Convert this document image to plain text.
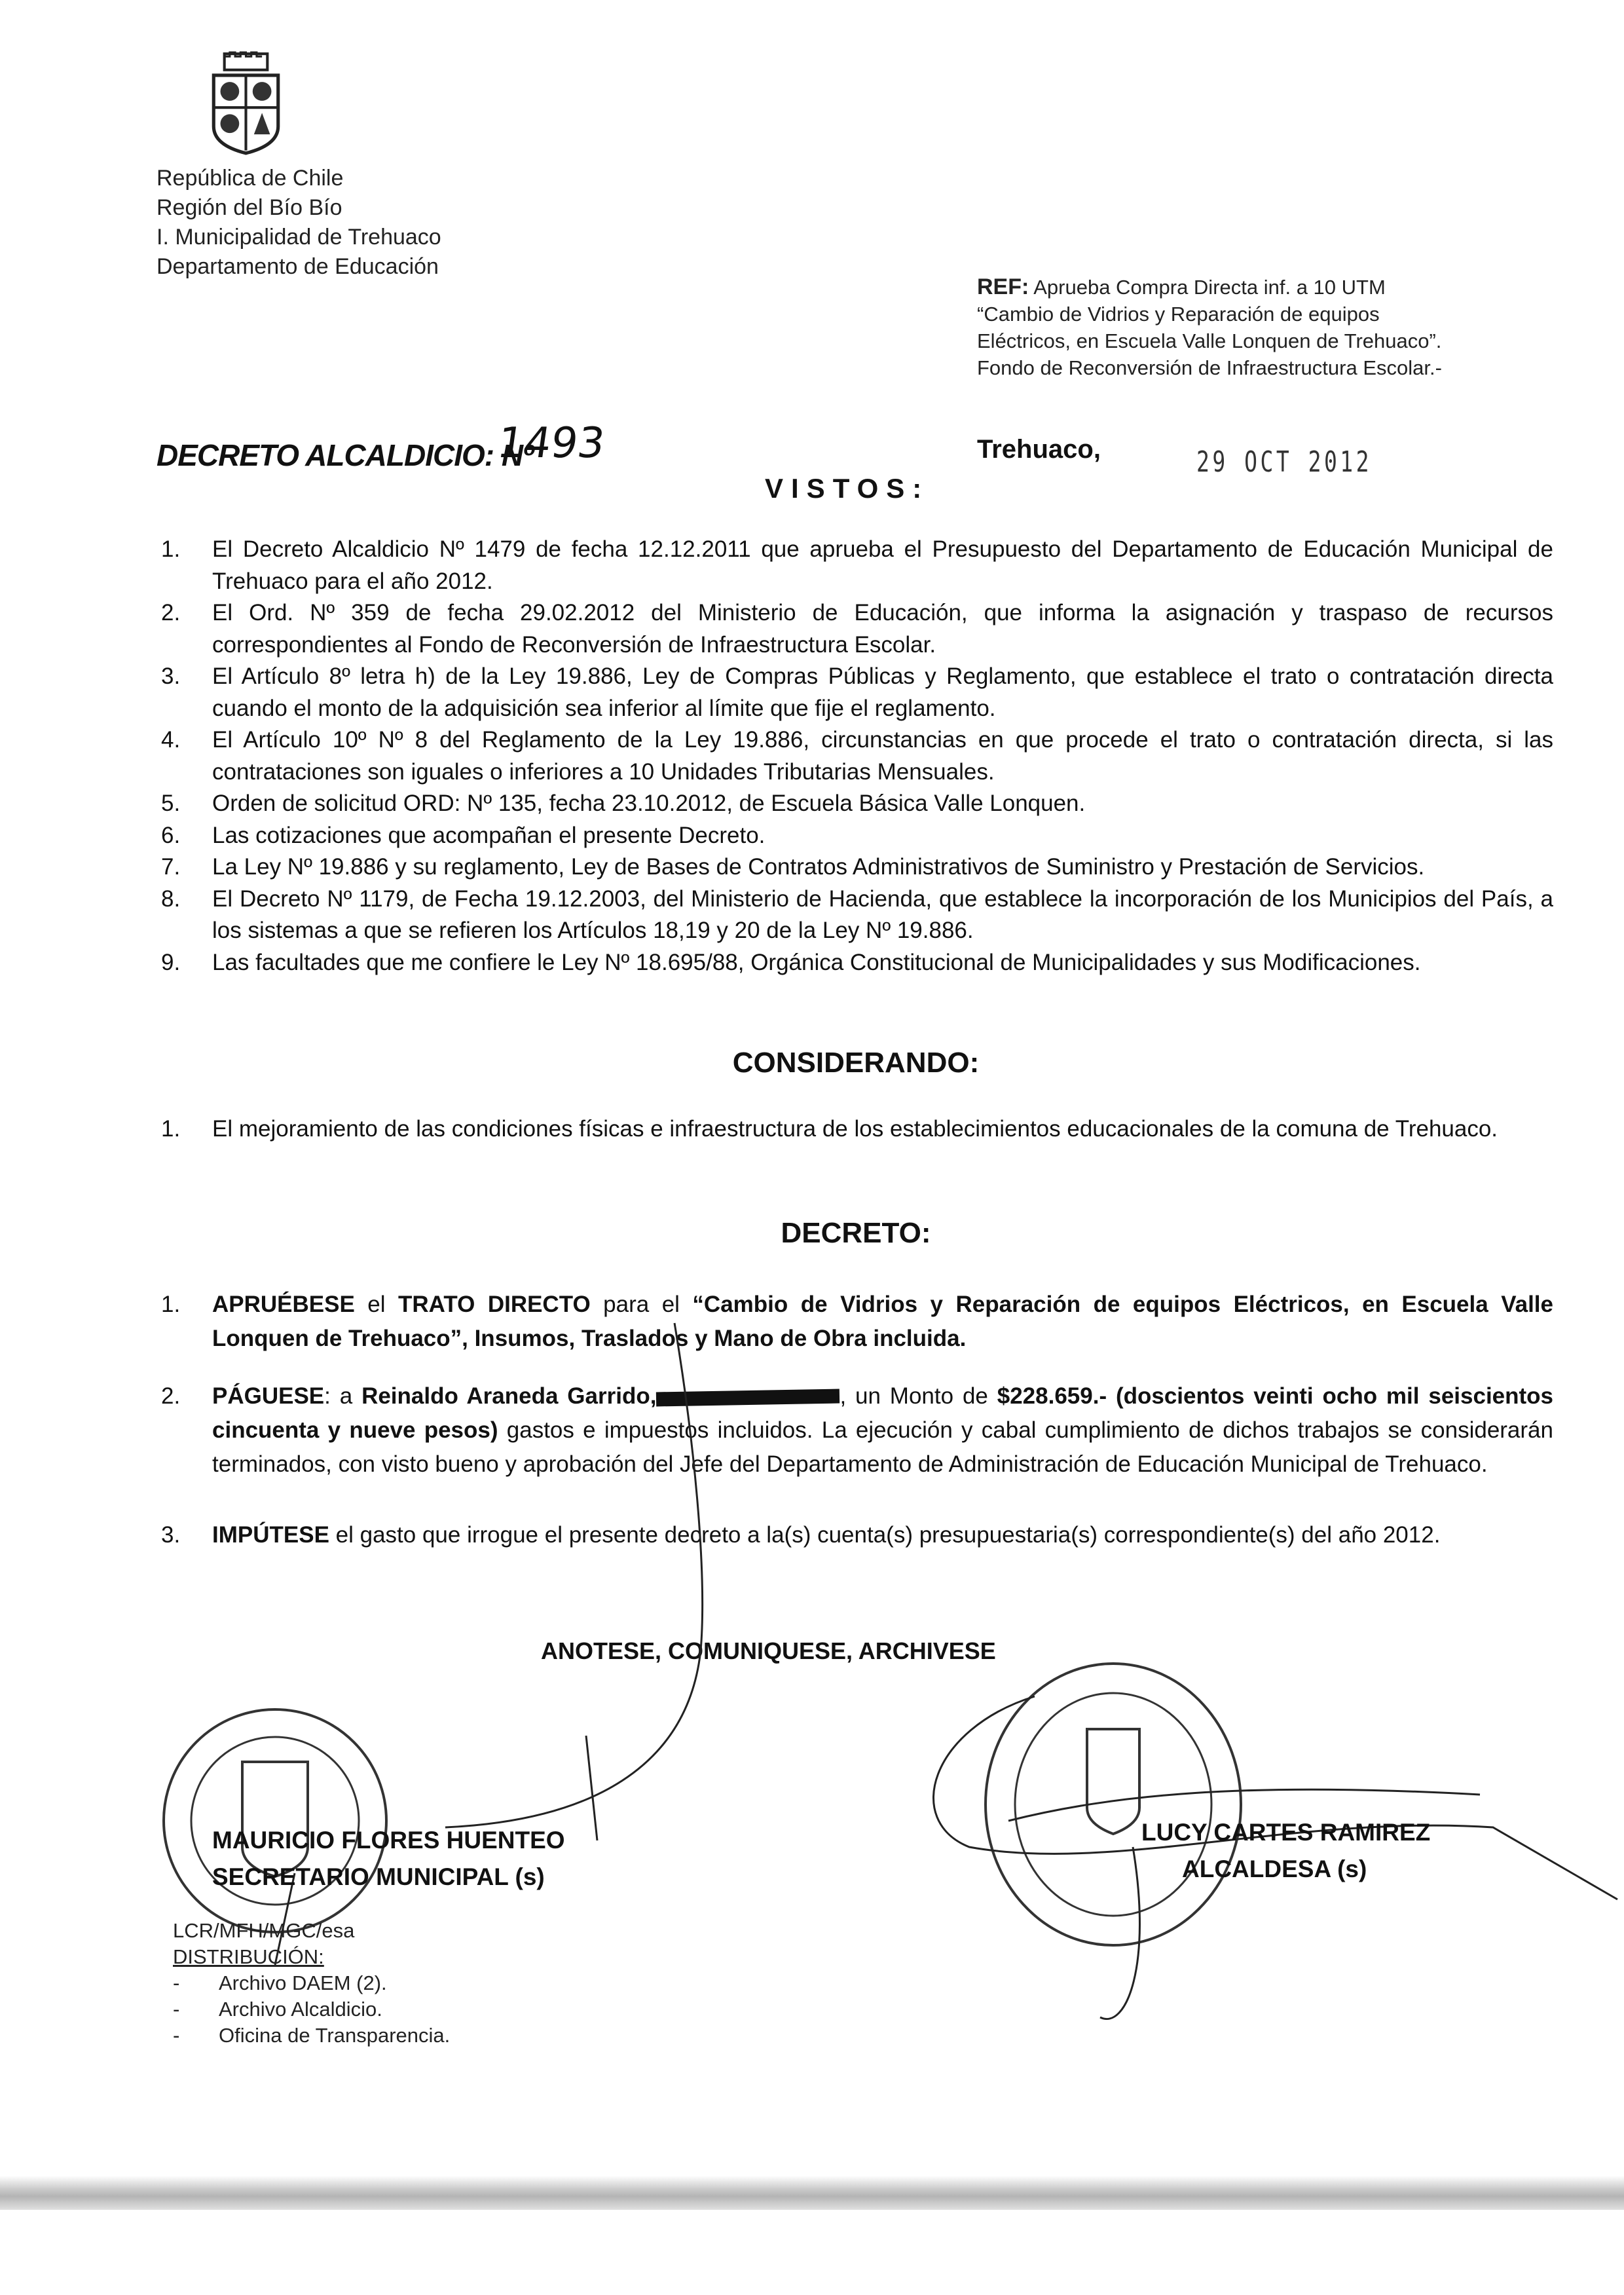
República de Chile
Región del Bío Bío
I. Municipalidad de Trehuaco
Departamento de Educación
REF: Aprueba Compra Directa inf. a 10 UTM
“Cambio de Vidrios y Reparación de equipos
Eléctricos, en Escuela Valle Lonquen de Trehuaco”.
Fondo de Reconversión de Infraestructura Escolar.-
DECRETO ALCALDICIO: Nº
1493	Trehuaco,	29 OCT 2012
VISTOS:
1.	El Decreto Alcaldicio Nº 1479 de fecha 12.12.2011 que aprueba el Presupuesto del Departamento de Educación Municipal de Trehuaco para el año 2012.
2.	El Ord. Nº 359 de fecha 29.02.2012 del Ministerio de Educación, que informa la asignación y traspaso de recursos correspondientes al Fondo de Reconversión de Infraestructura Escolar.
3.	El Artículo 8º letra h) de la Ley 19.886, Ley de Compras Públicas y Reglamento, que establece el trato o contratación directa cuando el monto de la adquisición sea inferior al límite que fije el reglamento.
4.	El Artículo 10º Nº 8 del Reglamento de la Ley 19.886, circunstancias en que procede el trato o contratación directa, si las contrataciones son iguales o inferiores a 10 Unidades Tributarias Mensuales.
5.	Orden de solicitud ORD: Nº 135, fecha 23.10.2012, de Escuela Básica Valle Lonquen.
6.	Las cotizaciones que acompañan el presente Decreto.
7.	La Ley Nº 19.886 y su reglamento, Ley de Bases de Contratos Administrativos de Suministro y Prestación de Servicios.
8.	El Decreto Nº 1179, de Fecha 19.12.2003, del Ministerio de Hacienda, que establece la incorporación de los Municipios del País, a los sistemas a que se refieren los Artículos 18,19 y 20 de la Ley Nº 19.886.
9.	Las facultades que me confiere le Ley Nº 18.695/88, Orgánica Constitucional de Municipalidades y sus Modificaciones.
CONSIDERANDO:
1.	El mejoramiento de las condiciones físicas e infraestructura de los establecimientos educacionales de la comuna de Trehuaco.
DECRETO:
1.	APRUÉBESE el TRATO DIRECTO para el “Cambio de Vidrios y Reparación de equipos Eléctricos, en Escuela Valle Lonquen de Trehuaco”, Insumos, Traslados y Mano de Obra incluida.
2.	PÁGUESE: a Reinaldo Araneda Garrido,	, un Monto de $228.659.- (doscientos veinti ocho mil seiscientos cincuenta y nueve pesos) gastos e impuestos incluidos. La ejecución y cabal cumplimiento de dichos trabajos se considerarán terminados, con visto bueno y aprobación del Jefe del Departamento de Administración de Educación Municipal de Trehuaco.
3.	IMPÚTESE el gasto que irrogue el presente decreto a la(s) cuenta(s) presupuestaria(s) correspondiente(s) del año 2012.
ANOTESE, COMUNIQUESE, ARCHIVESE
MAURICIO FLORES HUENTEO
SECRETARIO MUNICIPAL (s)
LUCY CARTES RAMIREZ
ALCALDESA (s)
LCR/MFH/MGC/esa
DISTRIBUCIÓN:
-	Archivo DAEM (2).
-	Archivo Alcaldicio.
-	Oficina de Transparencia.
